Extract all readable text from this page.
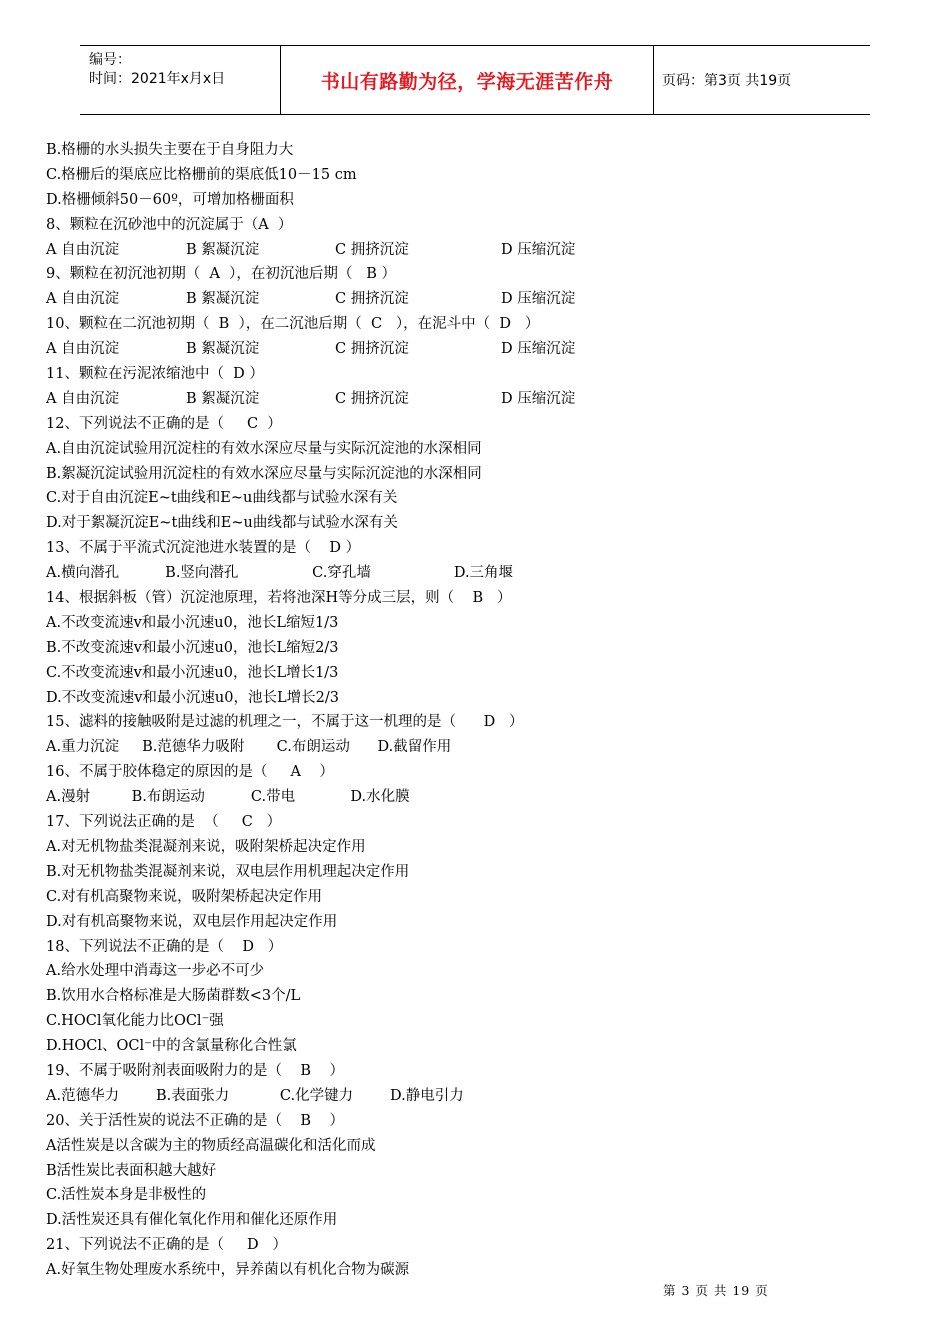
编号：
时间：2021年x月x日	书山有路勤为径，学海无涯苦作舟	页码：第3页 共19页
B.格栅的水头损失主要在于自身阻力大
C.格栅后的渠底应比格栅前的渠底低10－15 cm
D.格栅倾斜50－60º，可增加格栅面积
8、颗粒在沉砂池中的沉淀属于（A  ）
A 自由沉淀	B 絮凝沉淀	C 拥挤沉淀	D 压缩沉淀
9、颗粒在初沉池初期（  A  ），在初沉池后期（   B ）
A 自由沉淀	B 絮凝沉淀	C 拥挤沉淀	D 压缩沉淀
10、颗粒在二沉池初期（  B  ），在二沉池后期（  C   ），在泥斗中（  D   ）
A 自由沉淀	B 絮凝沉淀	C 拥挤沉淀	D 压缩沉淀
11、颗粒在污泥浓缩池中（  D ）
A 自由沉淀	B 絮凝沉淀	C 拥挤沉淀	D 压缩沉淀
12、下列说法不正确的是（     C  ）
A.自由沉淀试验用沉淀柱的有效水深应尽量与实际沉淀池的水深相同
B.絮凝沉淀试验用沉淀柱的有效水深应尽量与实际沉淀池的水深相同
C.对于自由沉淀E~t曲线和E~u曲线都与试验水深有关
D.对于絮凝沉淀E~t曲线和E~u曲线都与试验水深有关
13、不属于平流式沉淀池进水装置的是（    D ）
A.横向潜孔          B.竖向潜孔                C.穿孔墙                  D.三角堰
14、根据斜板（管）沉淀池原理，若将池深H等分成三层，则（    B   ）
A.不改变流速v和最小沉速u0，池长L缩短1/3
B.不改变流速v和最小沉速u0，池长L缩短2/3
C.不改变流速v和最小沉速u0，池长L增长1/3
D.不改变流速v和最小沉速u0，池长L增长2/3
15、滤料的接触吸附是过滤的机理之一，不属于这一机理的是（      D   ）
A.重力沉淀     B.范德华力吸附       C.布朗运动      D.截留作用
16、不属于胶体稳定的原因的是（     A    ）
A.漫射         B.布朗运动          C.带电            D.水化膜
17、下列说法正确的是  （     C   ）
A.对无机物盐类混凝剂来说，吸附架桥起决定作用
B.对无机物盐类混凝剂来说，双电层作用机理起决定作用
C.对有机高聚物来说，吸附架桥起决定作用
D.对有机高聚物来说，双电层作用起决定作用
18、下列说法不正确的是（    D   ）
A.给水处理中消毒这一步必不可少
B.饮用水合格标准是大肠菌群数<3个/L
C.HOCl氧化能力比OCl⁻强
D.HOCl、OCl⁻中的含氯量称化合性氯
19、不属于吸附剂表面吸附力的是（    B    ）
A.范德华力        B.表面张力           C.化学键力        D.静电引力
20、关于活性炭的说法不正确的是（    B    ）
A活性炭是以含碳为主的物质经高温碳化和活化而成
B活性炭比表面积越大越好
C.活性炭本身是非极性的
D.活性炭还具有催化氧化作用和催化还原作用
21、下列说法不正确的是（     D   ）
A.好氧生物处理废水系统中，异养菌以有机化合物为碳源
第 3 页 共 19 页
